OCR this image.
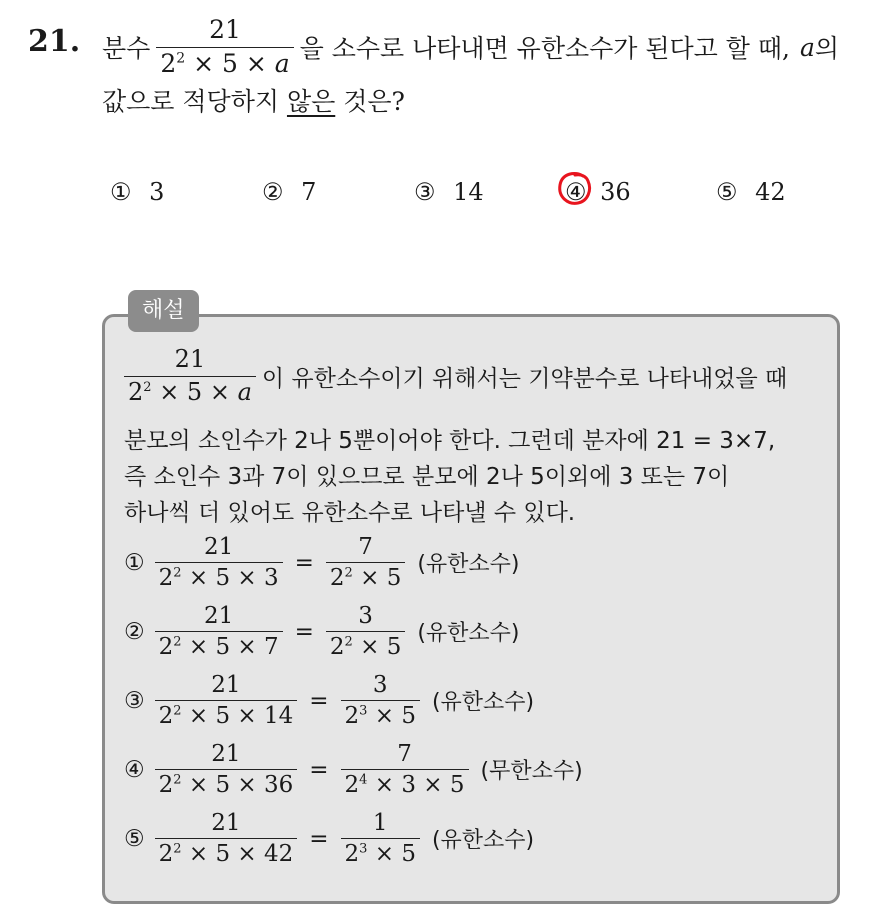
21. 분수 $\frac{21}{2^2 \times 5 \times a}$ 을 소수로 나타내면 유한소수가 된다고 할 때, a 의
값으로 적당하지 않은 것은?
① 3	② 7	③ 14	④ 36	⑤ 42
해설
$\frac{21}{2^2 \times 5 \times a}$ 이 유한소수이기 위해서는 기약분수로 나타내었을 때
분모의 소인수가 2나 5뿐이어야 한다. 그런데 분자에 21 = 3×7,
즉 소인수 3과 7이 있으므로 분모에 2나 5이외에 3 또는 7이
하나씩 더 있어도 유한소수로 나타낼 수 있다.
① $\frac{21}{2^2 \times 5 \times 3} = \frac{7}{2^2 \times 5}$ (유한소수)
② $\frac{21}{2^2 \times 5 \times 7} = \frac{3}{2^2 \times 5}$ (유한소수)
③ $\frac{21}{2^2 \times 5 \times 14} = \frac{3}{2^3 \times 5}$ (유한소수)
④ $\frac{21}{2^2 \times 5 \times 36} = \frac{7}{2^4 \times 3 \times 5}$ (무한소수)
⑤ $\frac{21}{2^2 \times 5 \times 42} = \frac{1}{2^3 \times 5}$ (유한소수)
